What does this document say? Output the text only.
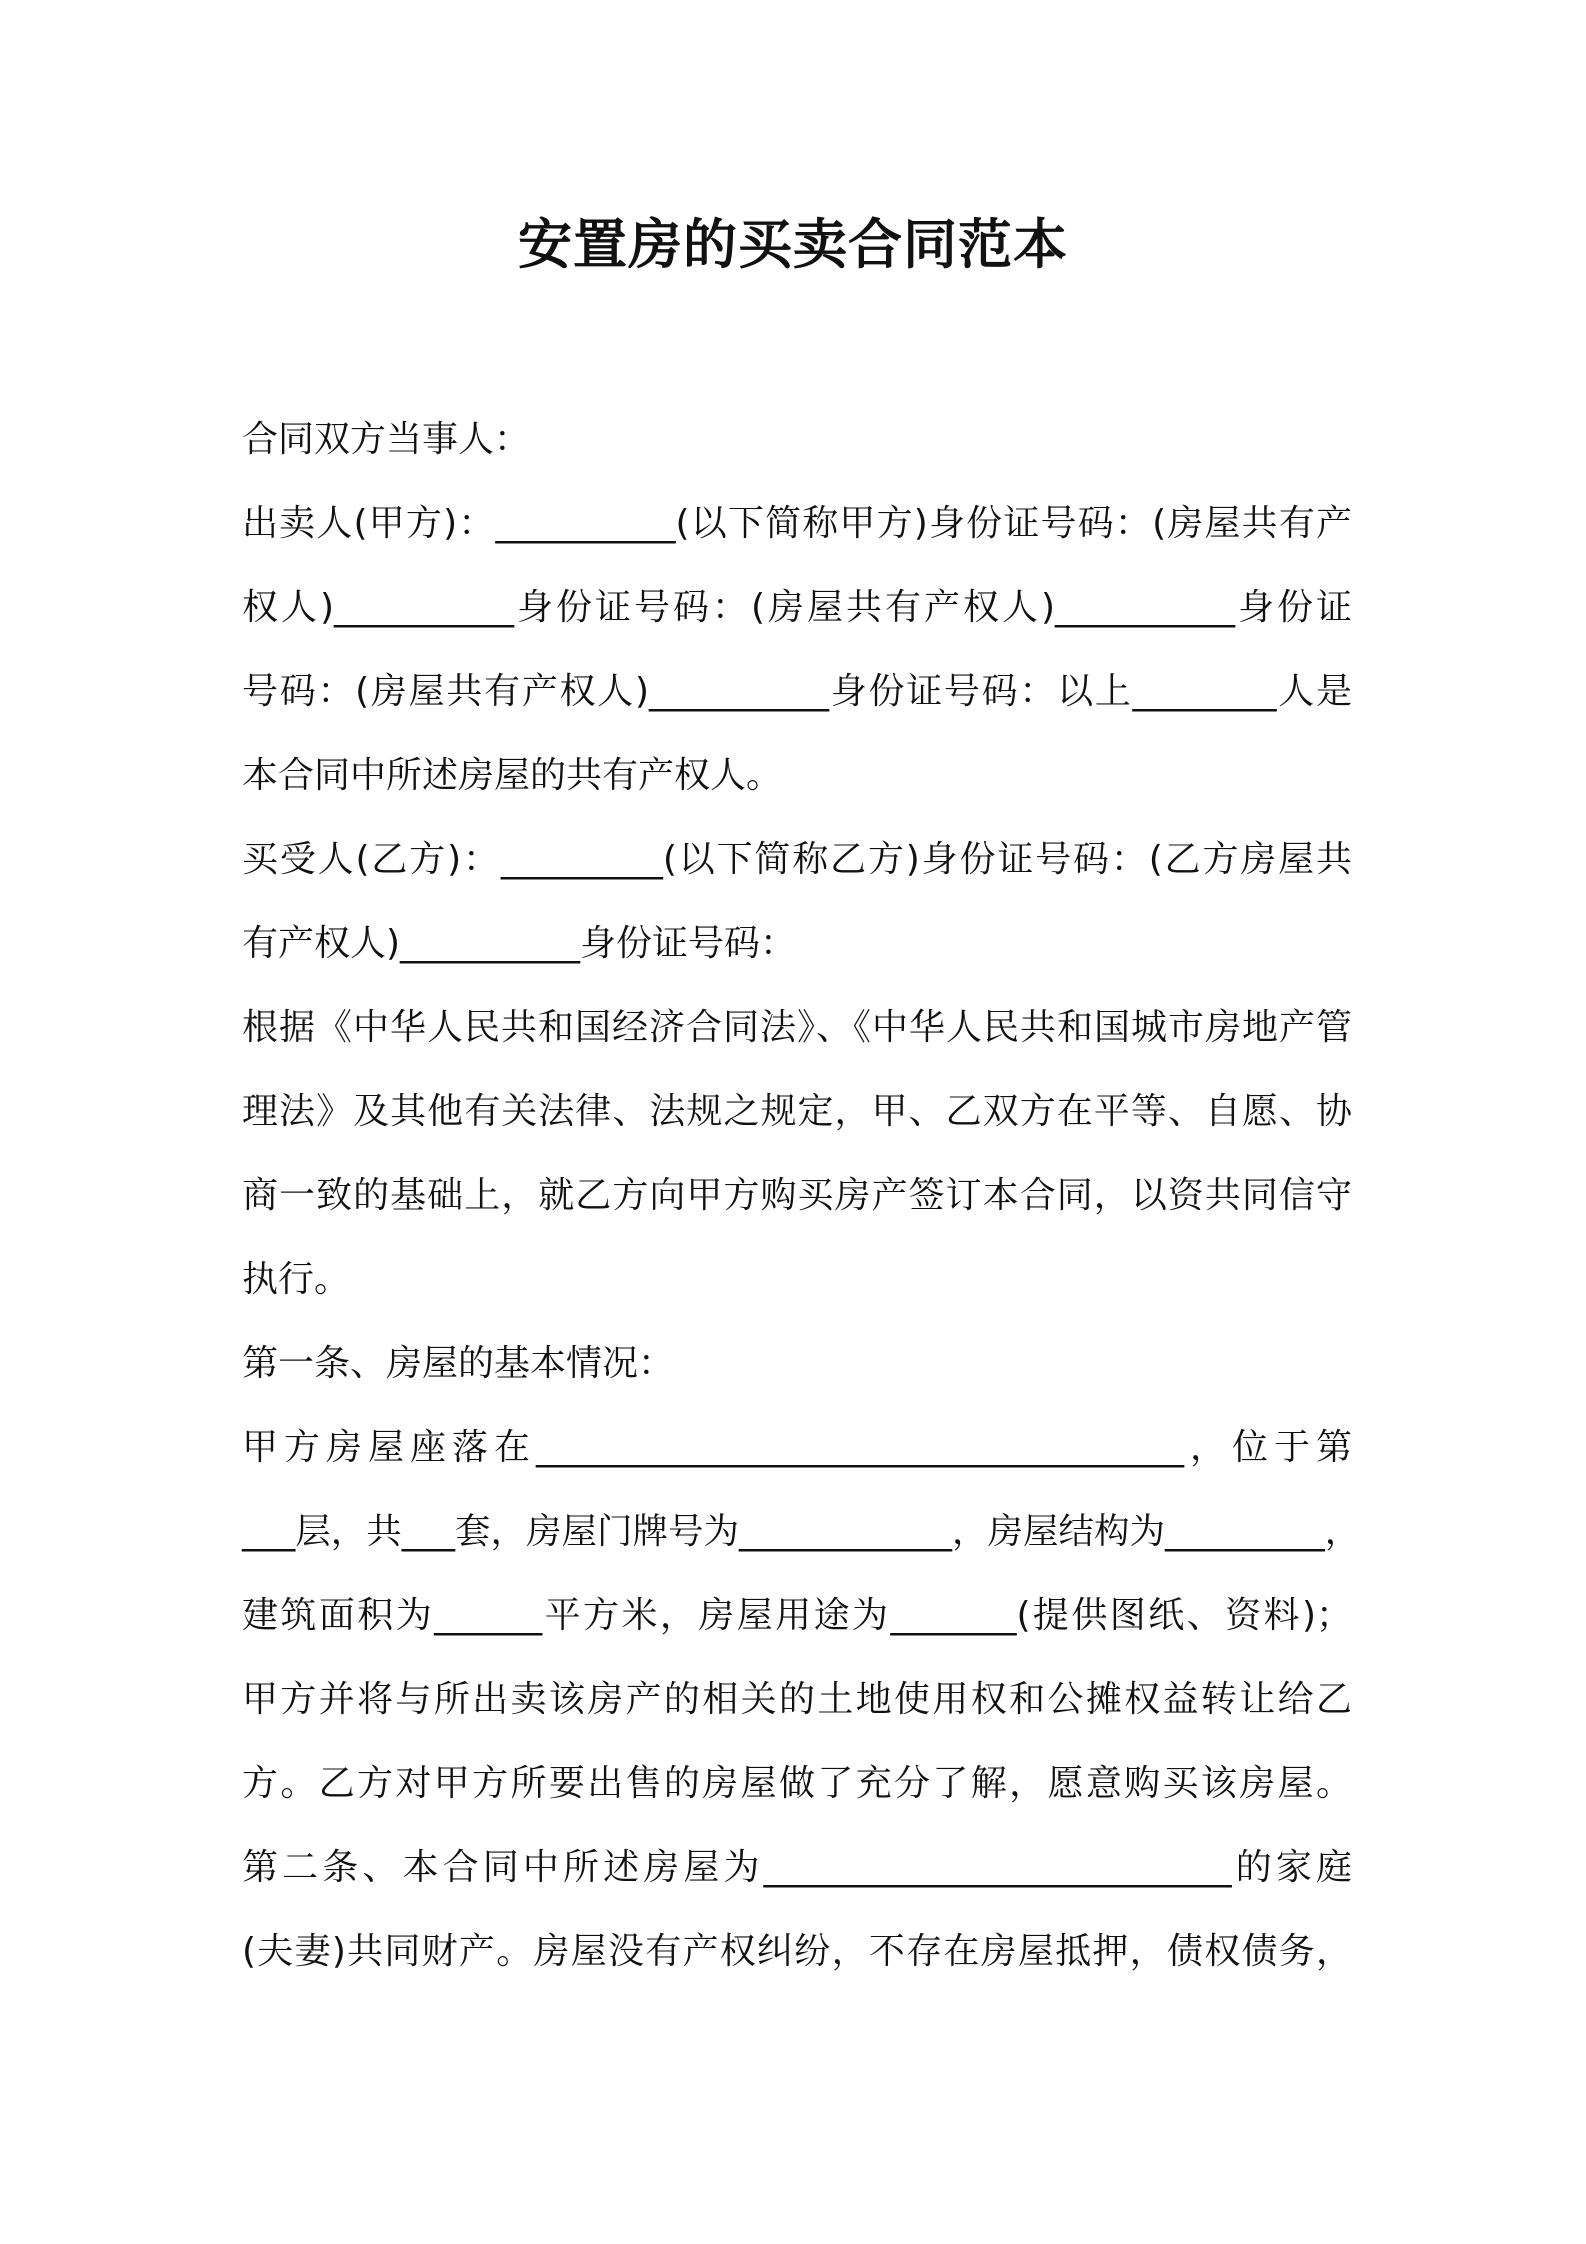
安置房的买卖合同范本
合同双方当事人：
出卖人(甲方)：__________(以下简称甲方)身份证号码：(房屋共有产
权人)__________身份证号码：(房屋共有产权人)__________身份证
号码：(房屋共有产权人)__________身份证号码：以上________人是
本合同中所述房屋的共有产权人。
买受人(乙方)：_________(以下简称乙方)身份证号码：(乙方房屋共
有产权人)__________身份证号码：
根据《中华人民共和国经济合同法》、《中华人民共和国城市房地产管
理法》及其他有关法律、法规之规定，甲、乙双方在平等、自愿、协
商一致的基础上，就乙方向甲方购买房产签订本合同，以资共同信守
执行。
第一条、房屋的基本情况：
甲方房屋座落在____________________________________，位于第
___层，共___套，房屋门牌号为____________，房屋结构为_________，
建筑面积为______平方米，房屋用途为_______(提供图纸、资料)；
甲方并将与所出卖该房产的相关的土地使用权和公摊权益转让给乙
方。乙方对甲方所要出售的房屋做了充分了解，愿意购买该房屋。
第二条、本合同中所述房屋为__________________________的家庭
(夫妻)共同财产。房屋没有产权纠纷，不存在房屋抵押，债权债务，
